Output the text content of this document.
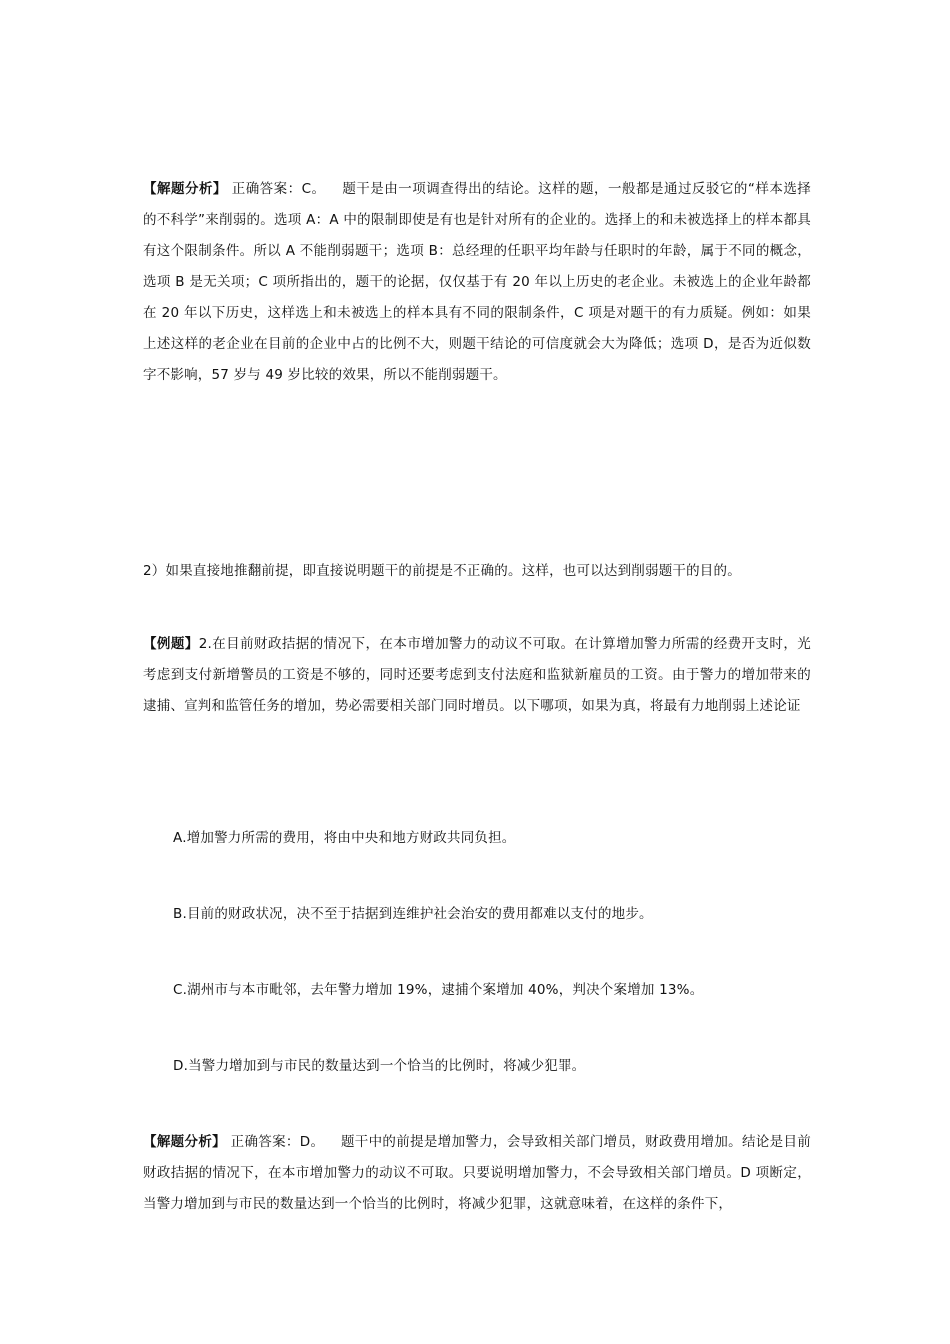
【解题分析】 正确答案：C。 题干是由一项调查得出的结论。这样的题，一般都是通过反驳它的“样本选择的不科学”来削弱的。选项 A：A 中的限制即使是有也是针对所有的企业的。选择上的和未被选择上的样本都具有这个限制条件。所以 A 不能削弱题干；选项 B：总经理的任职平均年龄与任职时的年龄，属于不同的概念，选项 B 是无关项；C 项所指出的，题干的论据，仅仅基于有 20 年以上历史的老企业。未被选上的企业年龄都在 20 年以下历史，这样选上和未被选上的样本具有不同的限制条件，C 项是对题干的有力质疑。例如：如果上述这样的老企业在目前的企业中占的比例不大，则题干结论的可信度就会大为降低；选项 D，是否为近似数字不影响，57 岁与 49 岁比较的效果，所以不能削弱题干。

2）如果直接地推翻前提，即直接说明题干的前提是不正确的。这样，也可以达到削弱题干的目的。

【例题】2.在目前财政拮据的情况下，在本市增加警力的动议不可取。在计算增加警力所需的经费开支时，光考虑到支付新增警员的工资是不够的，同时还要考虑到支付法庭和监狱新雇员的工资。由于警力的增加带来的逮捕、宣判和监管任务的增加，势必需要相关部门同时增员。以下哪项，如果为真，将最有力地削弱上述论证

A.增加警力所需的费用，将由中央和地方财政共同负担。

B.目前的财政状况，决不至于拮据到连维护社会治安的费用都难以支付的地步。

C.湖州市与本市毗邻，去年警力增加 19%，逮捕个案增加 40%，判决个案增加 13%。

D.当警力增加到与市民的数量达到一个恰当的比例时，将减少犯罪。

【解题分析】 正确答案：D。 题干中的前提是增加警力，会导致相关部门增员，财政费用增加。结论是目前财政拮据的情况下，在本市增加警力的动议不可取。只要说明增加警力，不会导致相关部门增员。D 项断定，当警力增加到与市民的数量达到一个恰当的比例时，将减少犯罪，这就意味着，在这样的条件下，
